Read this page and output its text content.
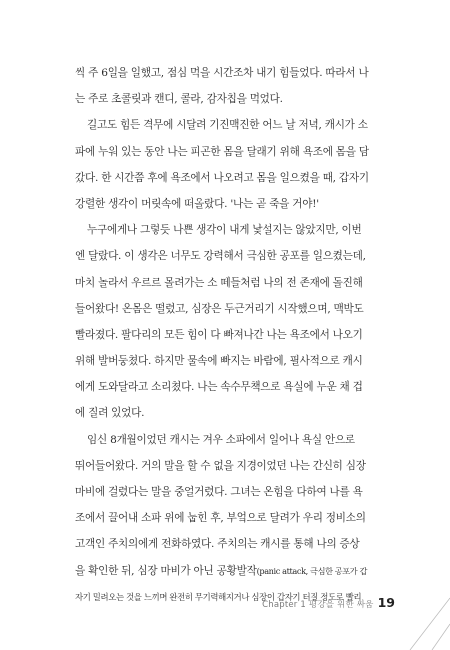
씩 주 6일을 일했고, 점심 먹을 시간조차 내기 힘들었다. 따라서 나
는 주로 초콜릿과 캔디, 콜라, 감자칩을 먹었다.
길고도 힘든 격무에 시달려 기진맥진한 어느 날 저녁, 캐시가 소
파에 누워 있는 동안 나는 피곤한 몸을 달래기 위해 욕조에 몸을 담
갔다. 한 시간쯤 후에 욕조에서 나오려고 몸을 일으켰을 때, 갑자기
강렬한 생각이 머릿속에 떠올랐다. '나는 곧 죽을 거야!'
누구에게나 그렇듯 나쁜 생각이 내게 낯설지는 않았지만, 이번
엔 달랐다. 이 생각은 너무도 강력해서 극심한 공포를 일으켰는데,
마치 놀라서 우르르 몰려가는 소 떼들처럼 나의 전 존재에 돌진해
들어왔다! 온몸은 떨렸고, 심장은 두근거리기 시작했으며, 맥박도
빨라졌다. 팔다리의 모든 힘이 다 빠져나간 나는 욕조에서 나오기
위해 발버둥쳤다. 하지만 물속에 빠지는 바람에, 필사적으로 캐시
에게 도와달라고 소리쳤다. 나는 속수무책으로 욕실에 누운 채 겁
에 질려 있었다.
임신 8개월이었던 캐시는 겨우 소파에서 일어나 욕실 안으로
뛰어들어왔다. 거의 말을 할 수 없을 지경이었던 나는 간신히 심장
마비에 걸렸다는 말을 중얼거렸다. 그녀는 온힘을 다하여 나를 욕
조에서 끌어내 소파 위에 눕힌 후, 부엌으로 달려가 우리 정비소의
고객인 주치의에게 전화하였다. 주치의는 캐시를 통해 나의 증상
을 확인한 뒤, 심장 마비가 아닌 공황발작(panic attack, 극심한 공포가 갑
자기 밀려오는 것을 느끼며 완전히 무기력해지거나 심장이 갑자기 터질 정도로 빨리
Chapter 1 평강을 위한 싸움 19
